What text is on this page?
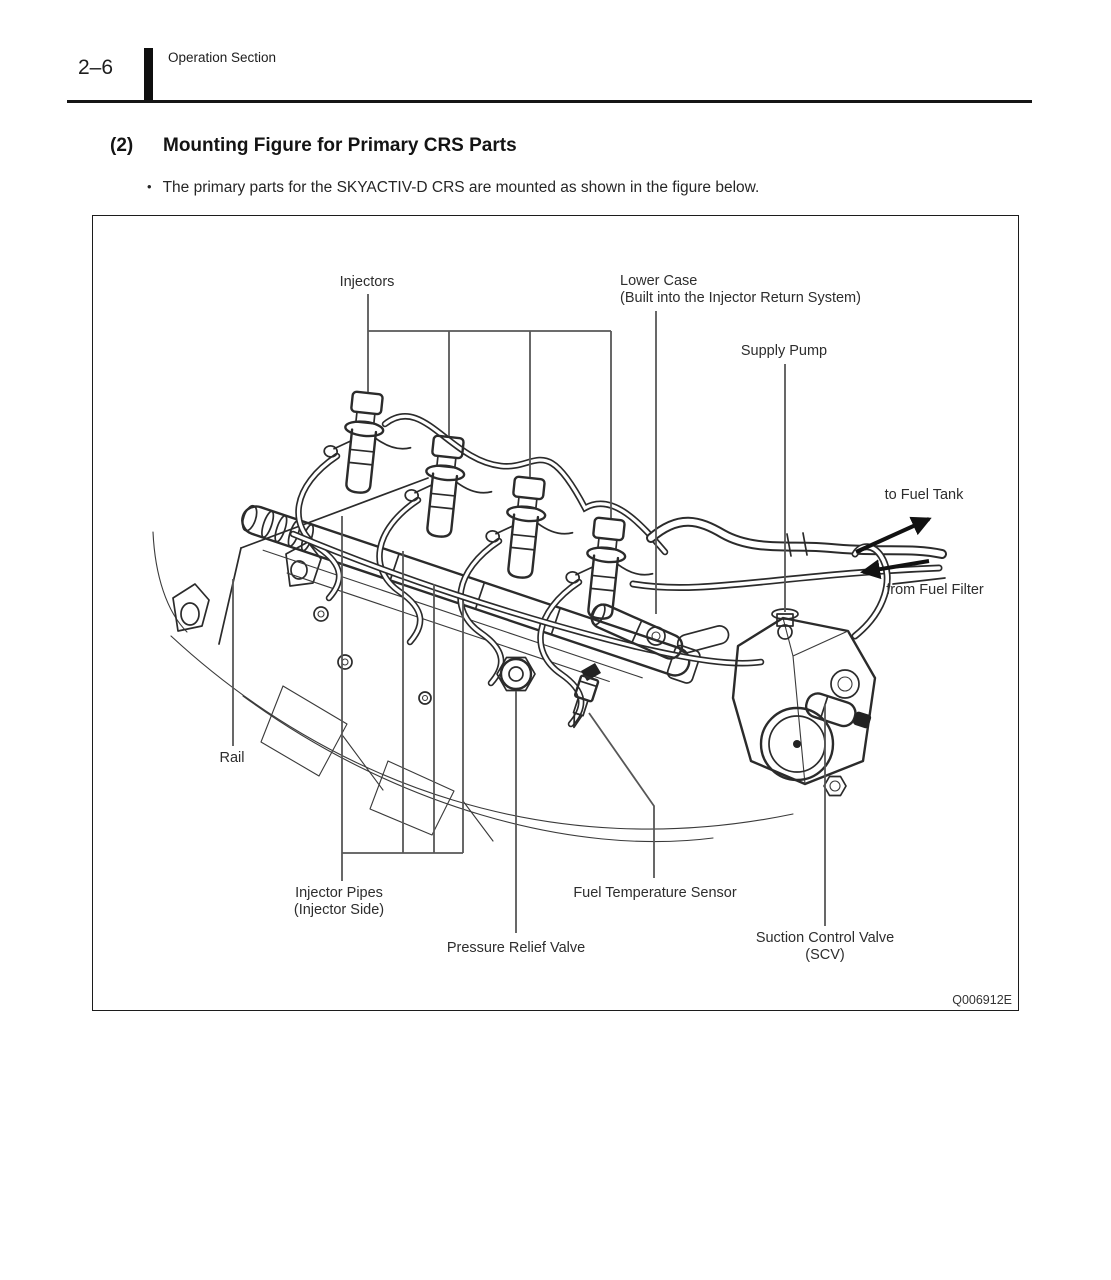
2–6	Operation Section
(2) Mounting Figure for Primary CRS Parts
• The primary parts for the SKYACTIV-D CRS are mounted as shown in the figure below.
Injectors	Lower Case
(Built into the Injector Return System)
Supply Pump
to Fuel Tank
from Fuel Filter
Rail
Injector Pipes
(Injector Side)
Pressure Relief Valve
Fuel Temperature Sensor
Suction Control Valve
(SCV)
Q006912E
